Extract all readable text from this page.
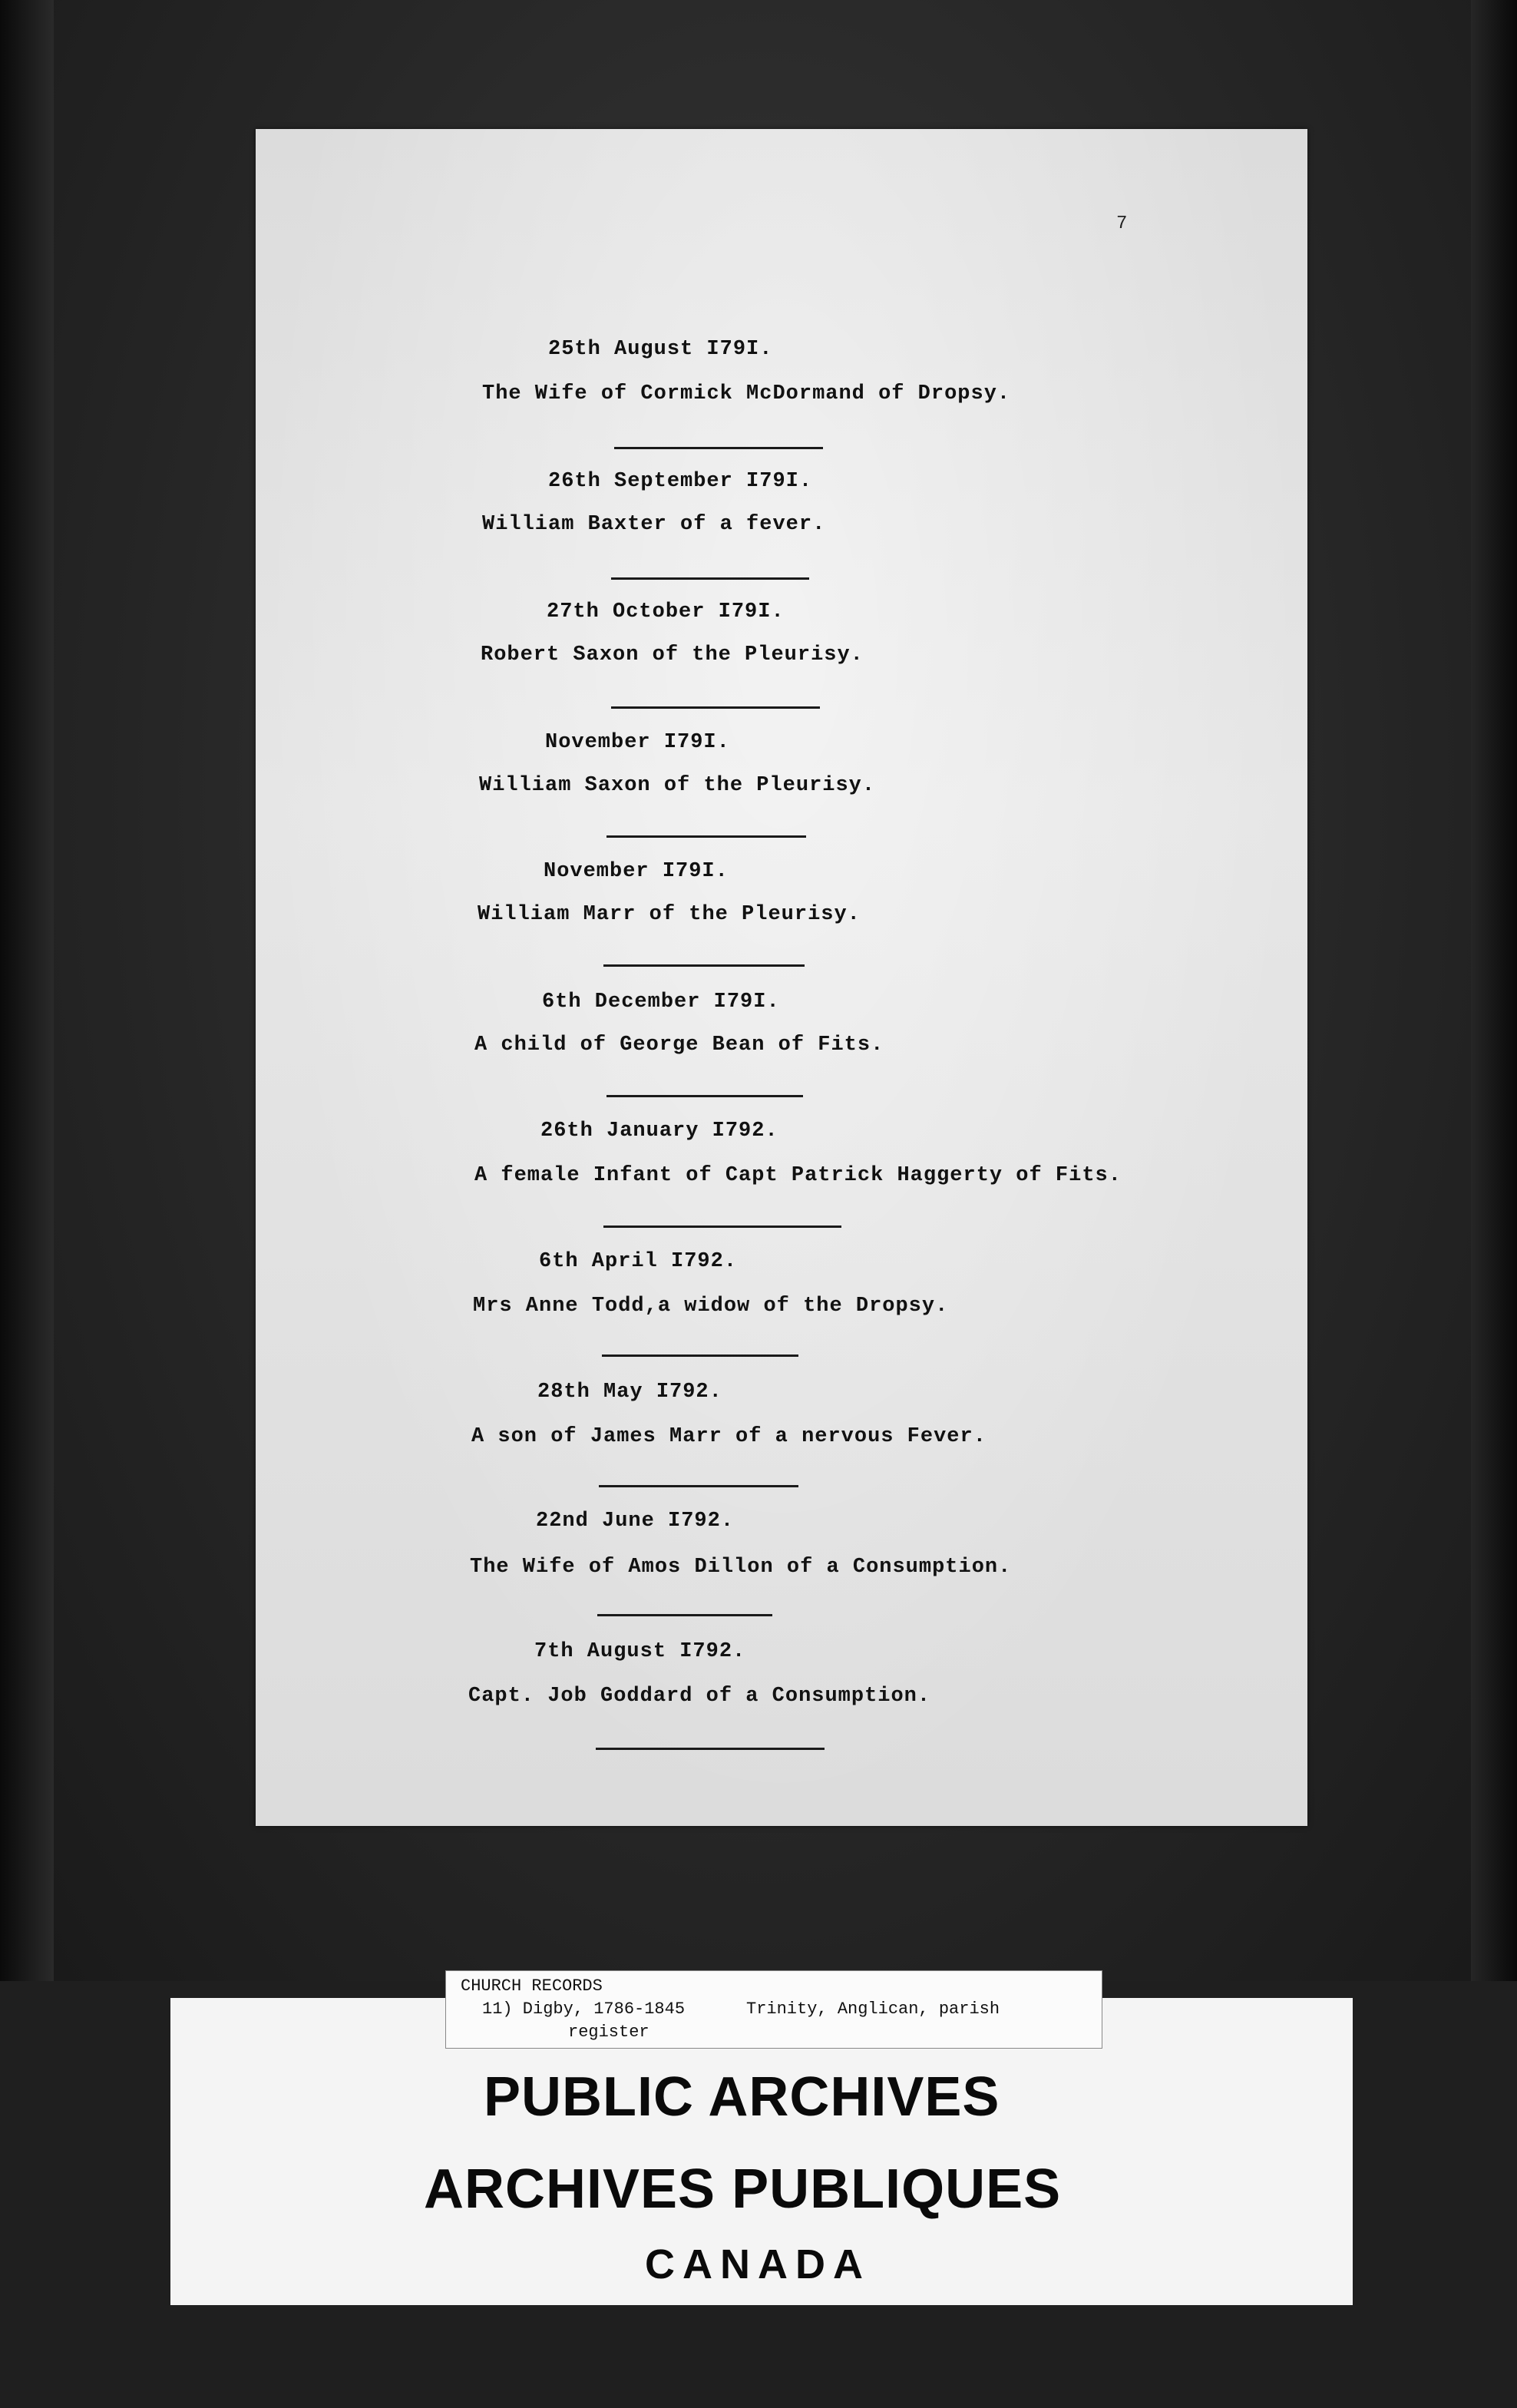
7
25th August I79I.
The Wife of Cormick McDormand of Dropsy.
26th September I79I.
William Baxter of a fever.
27th October I79I.
Robert Saxon of the Pleurisy.
November I79I.
William Saxon of the Pleurisy.
November I79I.
William Marr of the Pleurisy.
6th December I79I.
A child of George Bean of Fits.
26th January I792.
A female Infant of Capt Patrick Haggerty of Fits.
6th April I792.
Mrs Anne Todd,a widow of the Dropsy.
28th May I792.
A son of James Marr of a nervous Fever.
22nd June I792.
The Wife of Amos Dillon of a Consumption.
7th August I792.
Capt. Job Goddard of a Consumption.
CHURCH RECORDS
11) Digby, 1786-1845	Trinity, Anglican, parish
register
PUBLIC ARCHIVES
ARCHIVES PUBLIQUES
CANADA
